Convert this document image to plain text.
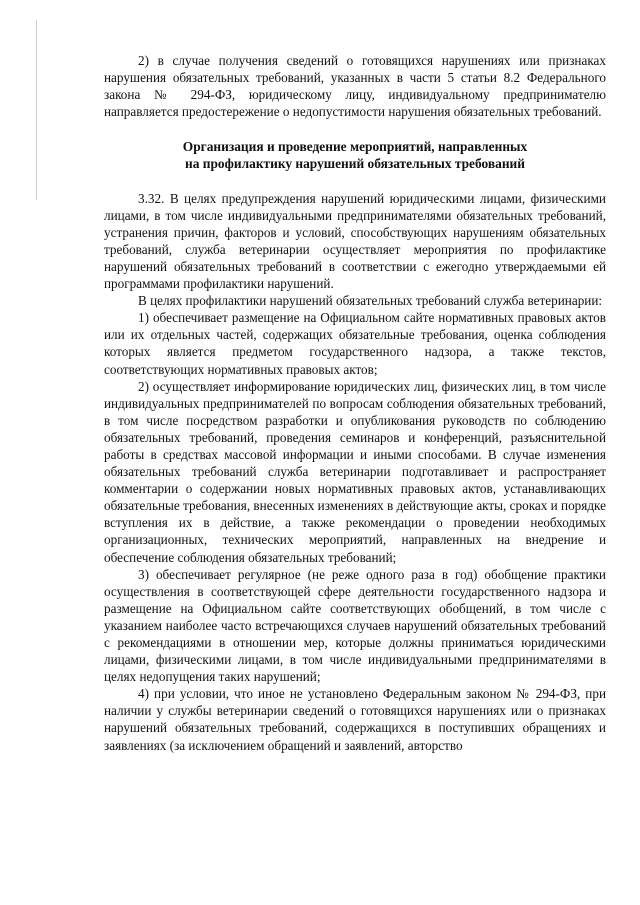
2) в случае получения сведений о готовящихся нарушениях или признаках нарушения обязательных требований, указанных в части 5 статьи 8.2 Федерального закона № 294-ФЗ, юридическому лицу, индивидуальному предпринимателю направляется предостережение о недопустимости нарушения обязательных требований.

Организация и проведение мероприятий, направленных
на профилактику нарушений обязательных требований

3.32. В целях предупреждения нарушений юридическими лицами, физическими лицами, в том числе индивидуальными предпринимателями обязательных требований, устранения причин, факторов и условий, способствующих нарушениям обязательных требований, служба ветеринарии осуществляет мероприятия по профилактике нарушений обязательных требований в соответствии с ежегодно утверждаемыми ей программами профилактики нарушений.

В целях профилактики нарушений обязательных требований служба ветеринарии:

1) обеспечивает размещение на Официальном сайте нормативных правовых актов или их отдельных частей, содержащих обязательные требования, оценка соблюдения которых является предметом государственного надзора, а также текстов, соответствующих нормативных правовых актов;

2) осуществляет информирование юридических лиц, физических лиц, в том числе индивидуальных предпринимателей по вопросам соблюдения обязательных требований, в том числе посредством разработки и опубликования руководств по соблюдению обязательных требований, проведения семинаров и конференций, разъяснительной работы в средствах массовой информации и иными способами. В случае изменения обязательных требований служба ветеринарии подготавливает и распространяет комментарии о содержании новых нормативных правовых актов, устанавливающих обязательные требования, внесенных изменениях в действующие акты, сроках и порядке вступления их в действие, а также рекомендации о проведении необходимых организационных, технических мероприятий, направленных на внедрение и обеспечение соблюдения обязательных требований;

3) обеспечивает регулярное (не реже одного раза в год) обобщение практики осуществления в соответствующей сфере деятельности государственного надзора и размещение на Официальном сайте соответствующих обобщений, в том числе с указанием наиболее часто встречающихся случаев нарушений обязательных требований с рекомендациями в отношении мер, которые должны приниматься юридическими лицами, физическими лицами, в том числе индивидуальными предпринимателями в целях недопущения таких нарушений;

4) при условии, что иное не установлено Федеральным законом № 294-ФЗ, при наличии у службы ветеринарии сведений о готовящихся нарушениях или о признаках нарушений обязательных требований, содержащихся в поступивших обращениях и заявлениях (за исключением обращений и заявлений, авторство
